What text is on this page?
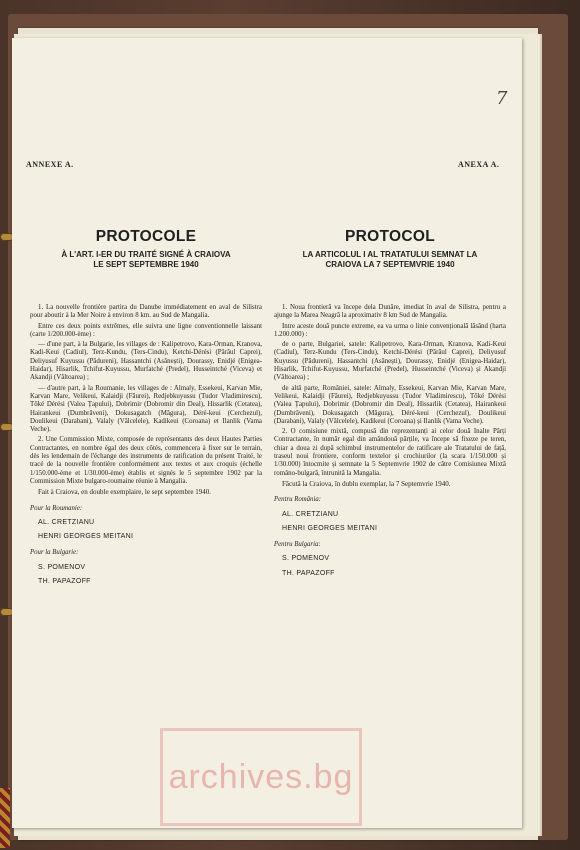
7
ANNEXE A.	ANEXA A.
PROTOCOLE

À L'ART. I-ER DU TRAITÉ SIGNÉ À CRAIOVA

LE SEPT SEPTEMBRE 1940

1. La nouvelle frontière partira du Danube immédiatement en aval de Silistra pour aboutir à la Mer Noire à environ 8 km. au Sud de Mangalia.

Entre ces deux points extrêmes, elle suivra une ligne conventionnelle laissant (carte 1/200.000-ème) :

— d'une part, à la Bulgarie, les villages de : Kalipetrovo, Kara-Orman, Kranova, Kadi-Keui (Cadiul), Terz-Kundu, (Ters-Cindu), Ketchi-Dérési (Pârâul Caprei), Deliyusuf Kuyussu (Pădureni), Hassantchi (Asănești), Dourassy, Enidjé (Enigea-Haidar), Hisarlik, Tchifut-Kuyussu, Murfatché (Predel), Husseintché (Viceva) et Akandji (Văltoarea) ;

— d'autre part, à la Roumanie, les villages de : Almaly, Essekeui, Karvan Mie, Karvan Mare, Velikeui, Kalaidji (Făurei), Redjebkuyussu (Tudor Vladimirescu), Tőké Dérési (Valea Țapului), Dobrimir (Dobromir din Deal), Hissarlik (Cetatea), Hairankeui (Dumbrăveni), Dokusagatch (Măgura), Déré-keui (Cerchezul), Doulikeui (Darabani), Valaly (Vălcelele), Kadikeui (Coroana) et Ilanlik (Vama Veche).

2. Une Commission Mixte, composée de représentants des deux Hautes Parties Contractantes, en nombre égal des deux côtés, commencera à fixer sur le terrain, dès les lendemain de l'échange des instruments de ratification du présent Traité, le tracé de la nouvelle frontière conformément aux textes et aux croquis (échelle 1/150.000-ème et 1/30.000-ème) établis et signés le 5 septembre 1902 par la Commission Mixte bulgaro-roumaine réunie à Mangalia.

Fait à Craiova, en double exemplaire, le sept septembre 1940.

Pour la Roumanie:
AL. CRETZIANU
HENRI GEORGES MEITANI
Pour la Bulgarie:
S. POMENOV
TH. PAPAZOFF
PROTOCOL

LA ARTICOLUL I AL TRATATULUI SEMNAT LA

CRAIOVA LA 7 SEPTEMVRIE 1940

1. Noua frontieră va începe dela Dunăre, imediat în aval de Silistra, pentru a ajunge la Marea Neagră la aproximativ 8 km Sud de Mangalia.

Intre aceste două puncte extreme, ea va urma o linie convențională lăsând (harta 1.200.000) :

de o parte, Bulgariei, satele: Kalipetrovo, Kara-Orman, Kranova, Kadi-Keui (Cadiul), Terz-Kundu (Ters-Cindu), Ketchi-Dérési (Pârâul Caprei), Deliyusuf Kuyussu (Pădureni), Hassantchi (Asănești), Dourassy, Enidjé (Enigea-Haidar), Hisarlik, Tchifut-Kuyussu, Murfatché (Predel), Husseintché (Viceva) și Akandji (Văltoarea) ;

de altă parte, României, satele: Almaly, Essekeui, Karvan Mie, Karvan Mare, Velikeui, Kalaidji (Făurei), Redjebkuyussu (Tudor Vladimirescu), Tőké Dérési (Valea Țapului), Dobrimir (Dobromir din Deal), Hissarlik (Cetatea), Hairankeui (Dumbrăveni), Dokusagatch (Măgura), Déré-keui (Cerchezul), Doulikeui (Darabani), Valaly (Vălcelele), Kadikeui (Coroana) și Ilanlik (Vama Veche).

2. O comisiune mixtă, compusă din reprezentanți ai celor două Inalte Părți Contractante, în număr egal din amândouă părțile, va începe să fixeze pe teren, chiar a doua zi după schimbul instrumentelor de ratificare ale Tratatului de față, traseul noui frontiere, conform textelor și crochiurilor (la scara 1/150.000 și 1/30.000) întocmite și semnate la 5 Septemvrie 1902 de către Comisiunea Mixtă româno-bulgară, întrunită la Mangalia.

Făcută la Craiova, în dublu exemplar, la 7 Septemvrie 1940.

Pentru România:
AL. CRETZIANU
HENRI GEORGES MEITANI
Pentru Bulgaria:
S. POMENOV
TH. PAPAZOFF
archives.bg
